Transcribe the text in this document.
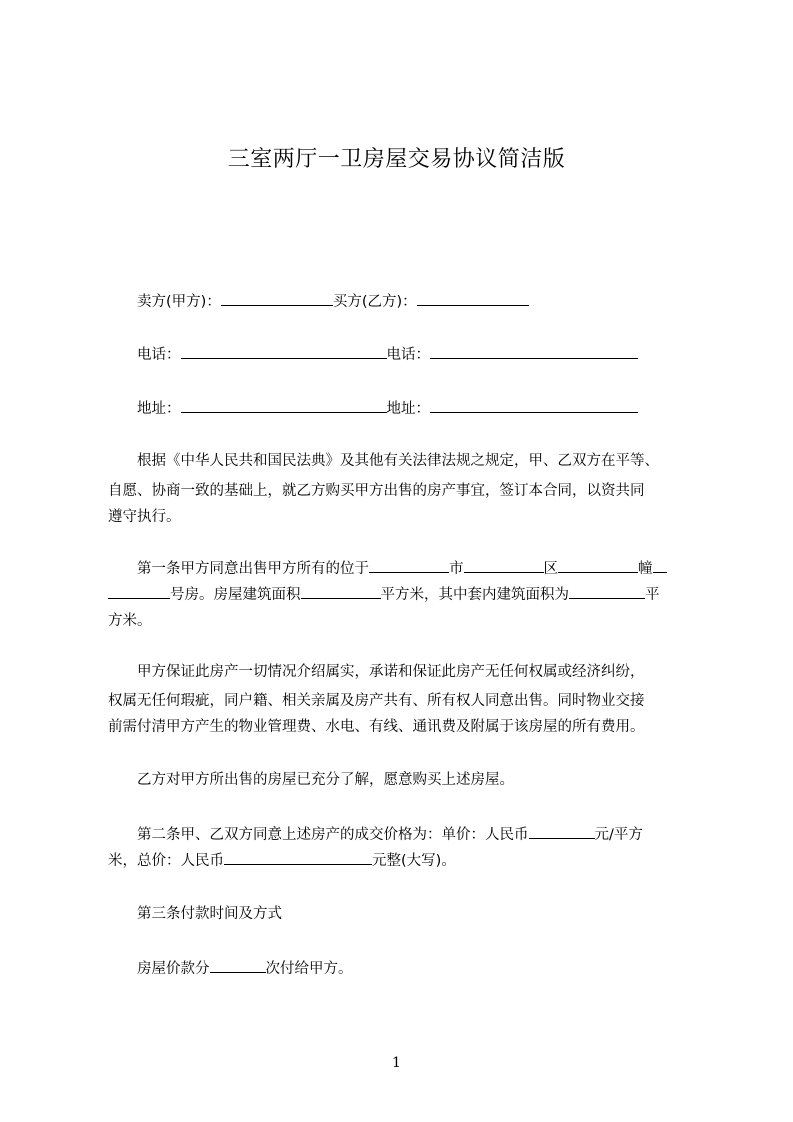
三室两厅一卫房屋交易协议简洁版
卖方(甲方)：	买方(乙方)：
电话：	电话：
地址：	地址：
根据《中华人民共和国民法典》及其他有关法律法规之规定，甲、乙双方在平等、
自愿、协商一致的基础上，就乙方购买甲方出售的房产事宜，签订本合同，以资共同
遵守执行。
第一条甲方同意出售甲方所有的位于	市	区	幢
号房。房屋建筑面积	平方米，其中套内建筑面积为	平
方米。
甲方保证此房产一切情况介绍属实，承诺和保证此房产无任何权属或经济纠纷，
权属无任何瑕疵，同户籍、相关亲属及房产共有、所有权人同意出售。同时物业交接
前需付清甲方产生的物业管理费、水电、有线、通讯费及附属于该房屋的所有费用。
乙方对甲方所出售的房屋已充分了解，愿意购买上述房屋。
第二条甲、乙双方同意上述房产的成交价格为：单价：人民币	元/平方
米，总价：人民币	元整(大写)。
第三条付款时间及方式
房屋价款分	次付给甲方。
1
